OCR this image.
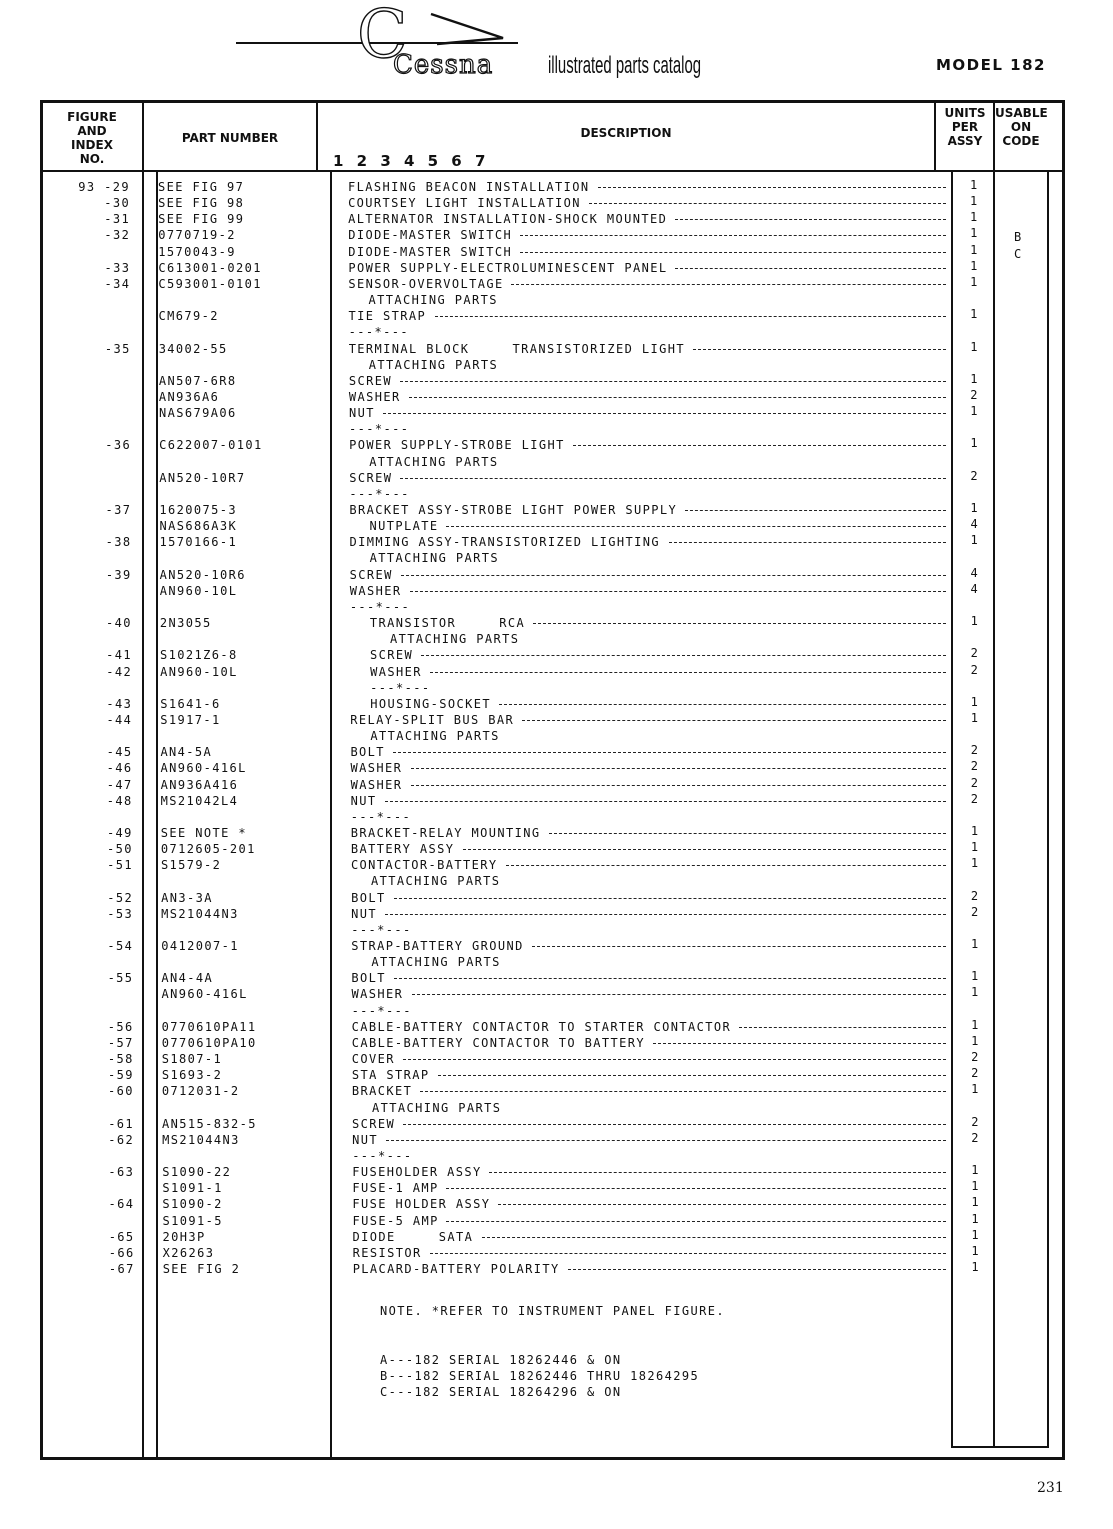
C
Cessna illustrated parts catalog	MODEL 182
FIGURE
AND
INDEX
NO.
PART NUMBER	DESCRIPTION
1 2 3 4 5 6 7
UNITS
PER
ASSY
USABLE
ON
CODE
93 -29 SEE FIG 97	FLASHING BEACON INSTALLATION	1
-30 SEE FIG 98	COURTSEY LIGHT INSTALLATION	1
-31 SEE FIG 99	ALTERNATOR INSTALLATION-SHOCK MOUNTED	1
-32 0770719-2	DIODE-MASTER SWITCH	1	B
1570043-9	DIODE-MASTER SWITCH	1	C
-33 C613001-0201	POWER SUPPLY-ELECTROLUMINESCENT PANEL	1
-34 C593001-0101	SENSOR-OVERVOLTAGE	1
ATTACHING PARTS
CM679-2	TIE STRAP	1
---*---
-35 34002-55	TERMINAL BLOCK     TRANSISTORIZED LIGHT	1
ATTACHING PARTS
AN507-6R8	SCREW	1
AN936A6	WASHER	2
NAS679A06	NUT	1
---*---
-36 C622007-0101	POWER SUPPLY-STROBE LIGHT	1
ATTACHING PARTS
AN520-10R7	SCREW	2
---*---
-37 1620075-3	BRACKET ASSY-STROBE LIGHT POWER SUPPLY	1
NAS686A3K	NUTPLATE	4
-38 1570166-1	DIMMING ASSY-TRANSISTORIZED LIGHTING	1
ATTACHING PARTS
-39 AN520-10R6	SCREW	4
AN960-10L	WASHER	4
---*---
-40 2N3055	TRANSISTOR     RCA	1
ATTACHING PARTS
-41 S1021Z6-8	SCREW	2
-42 AN960-10L	WASHER	2
---*---
-43 S1641-6	HOUSING-SOCKET	1
-44 S1917-1	RELAY-SPLIT BUS BAR	1
ATTACHING PARTS
-45 AN4-5A	BOLT	2
-46 AN960-416L	WASHER	2
-47 AN936A416	WASHER	2
-48 MS21042L4	NUT	2
---*---
-49 SEE NOTE *	BRACKET-RELAY MOUNTING	1
-50 0712605-201	BATTERY ASSY	1
-51 S1579-2	CONTACTOR-BATTERY	1
ATTACHING PARTS
-52 AN3-3A	BOLT	2
-53 MS21044N3	NUT	2
---*---
-54 0412007-1	STRAP-BATTERY GROUND	1
ATTACHING PARTS
-55 AN4-4A	BOLT	1
AN960-416L	WASHER	1
---*---
-56 0770610PA11	CABLE-BATTERY CONTACTOR TO STARTER CONTACTOR	1
-57 0770610PA10	CABLE-BATTERY CONTACTOR TO BATTERY	1
-58 S1807-1	COVER	2
-59 S1693-2	STA STRAP	2
-60 0712031-2	BRACKET	1
ATTACHING PARTS
-61 AN515-832-5	SCREW	2
-62 MS21044N3	NUT	2
---*---
-63 S1090-22	FUSEHOLDER ASSY	1
S1091-1	FUSE-1 AMP	1
-64 S1090-2	FUSE HOLDER ASSY	1
S1091-5	FUSE-5 AMP	1
-65 20H3P	DIODE     SATA	1
-66 X26263	RESISTOR	1
-67 SEE FIG 2	PLACARD-BATTERY POLARITY	1
NOTE. *REFER TO INSTRUMENT PANEL FIGURE.
A---182 SERIAL 18262446 & ON
B---182 SERIAL 18262446 THRU 18264295
C---182 SERIAL 18264296 & ON
231
